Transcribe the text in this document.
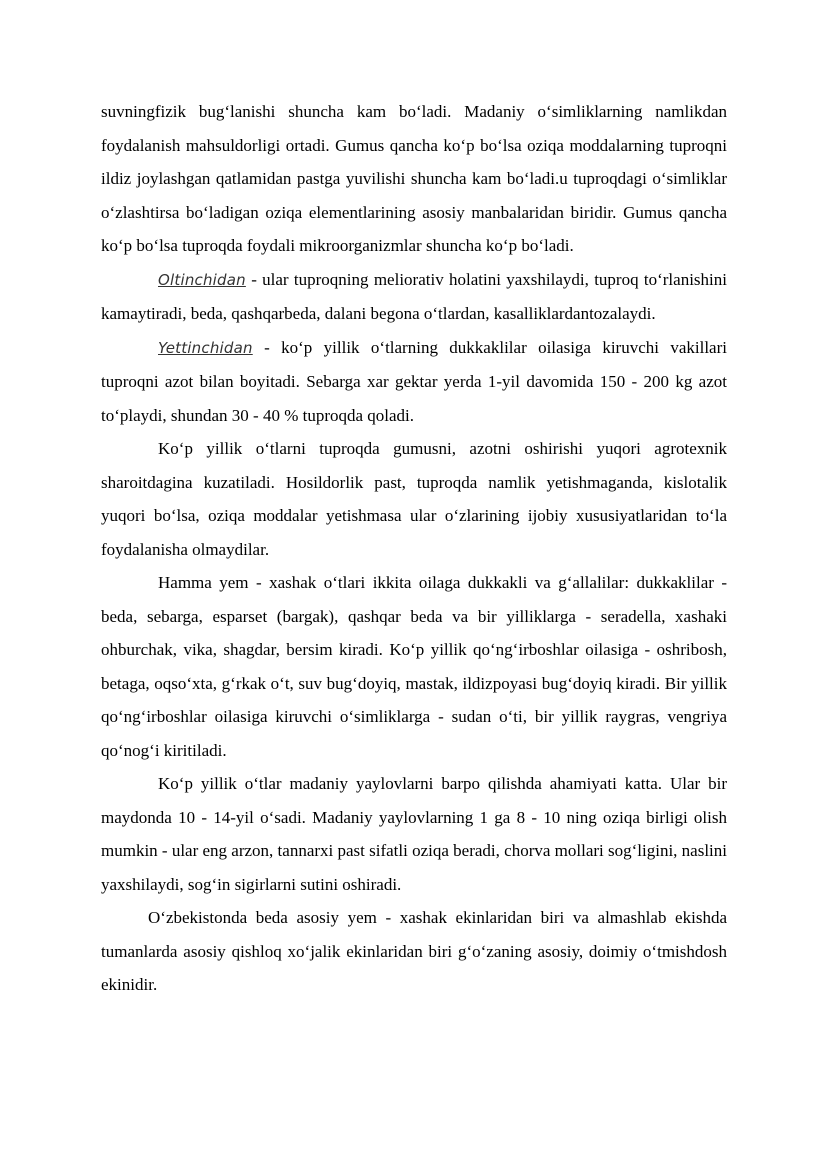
suvningfizik bug‘lanishi shuncha kam bo‘ladi. Madaniy o‘simliklarning namlikdan foydalanish mahsuldorligi ortadi. Gumus qancha ko‘p bo‘lsa oziqa moddalarning tuproqni ildiz joylashgan qatlamidan pastga yuvilishi shuncha kam bo‘ladi.u tuproqdagi o‘simliklar o‘zlashtirsa bo‘ladigan oziqa elementlarining asosiy manbalaridan biridir. Gumus qancha ko‘p bo‘lsa tuproqda foydali mikroorganizmlar shuncha ko‘p bo‘ladi.

Oltinchidan - ular tuproqning meliorativ holatini yaxshilaydi, tuproq to‘rlanishini kamaytiradi, beda, qashqarbeda, dalani begona o‘tlardan, kasalliklardantozalaydi.

Yettinchidan - ko‘p yillik o‘tlarning dukkaklilar oilasiga kiruvchi vakillari tuproqni azot bilan boyitadi. Sebarga xar gektar yerda 1-yil davomida 150 - 200 kg azot to‘playdi, shundan 30 - 40 % tuproqda qoladi.

Ko‘p yillik o‘tlarni tuproqda gumusni, azotni oshirishi yuqori agrotexnik sharoitdagina kuzatiladi. Hosildorlik past, tuproqda namlik yetishmaganda, kislotalik yuqori bo‘lsa, oziqa moddalar yetishmasa ular o‘zlarining ijobiy xususiyatlaridan to‘la foydalanisha olmaydilar.

Hamma yem - xashak o‘tlari ikkita oilaga dukkakli va g‘allalilar: dukkaklilar - beda, sebarga, esparset (bargak), qashqar beda va bir yilliklarga - seradella, xashaki ohburchak, vika, shagdar, bersim kiradi. Ko‘p yillik qo‘ng‘irboshlar oilasiga - oshribosh, betaga, oqso‘xta, g‘rkak o‘t, suv bug‘doyiq, mastak, ildizpoyasi bug‘doyiq kiradi. Bir yillik qo‘ng‘irboshlar oilasiga kiruvchi o‘simliklarga - sudan o‘ti, bir yillik raygras, vengriya qo‘nog‘i kiritiladi.

Ko‘p yillik o‘tlar madaniy yaylovlarni barpo qilishda ahamiyati katta. Ular bir maydonda 10 - 14-yil o‘sadi. Madaniy yaylovlarning 1 ga 8 - 10 ning oziqa birligi olish mumkin - ular eng arzon, tannarxi past sifatli oziqa beradi, chorva mollari sog‘ligini, naslini yaxshilaydi, sog‘in sigirlarni sutini oshiradi.

O‘zbekistonda beda asosiy yem - xashak ekinlaridan biri va almashlab ekishda tumanlarda asosiy qishloq xo‘jalik ekinlaridan biri g‘o‘zaning asosiy, doimiy o‘tmishdosh ekinidir.
